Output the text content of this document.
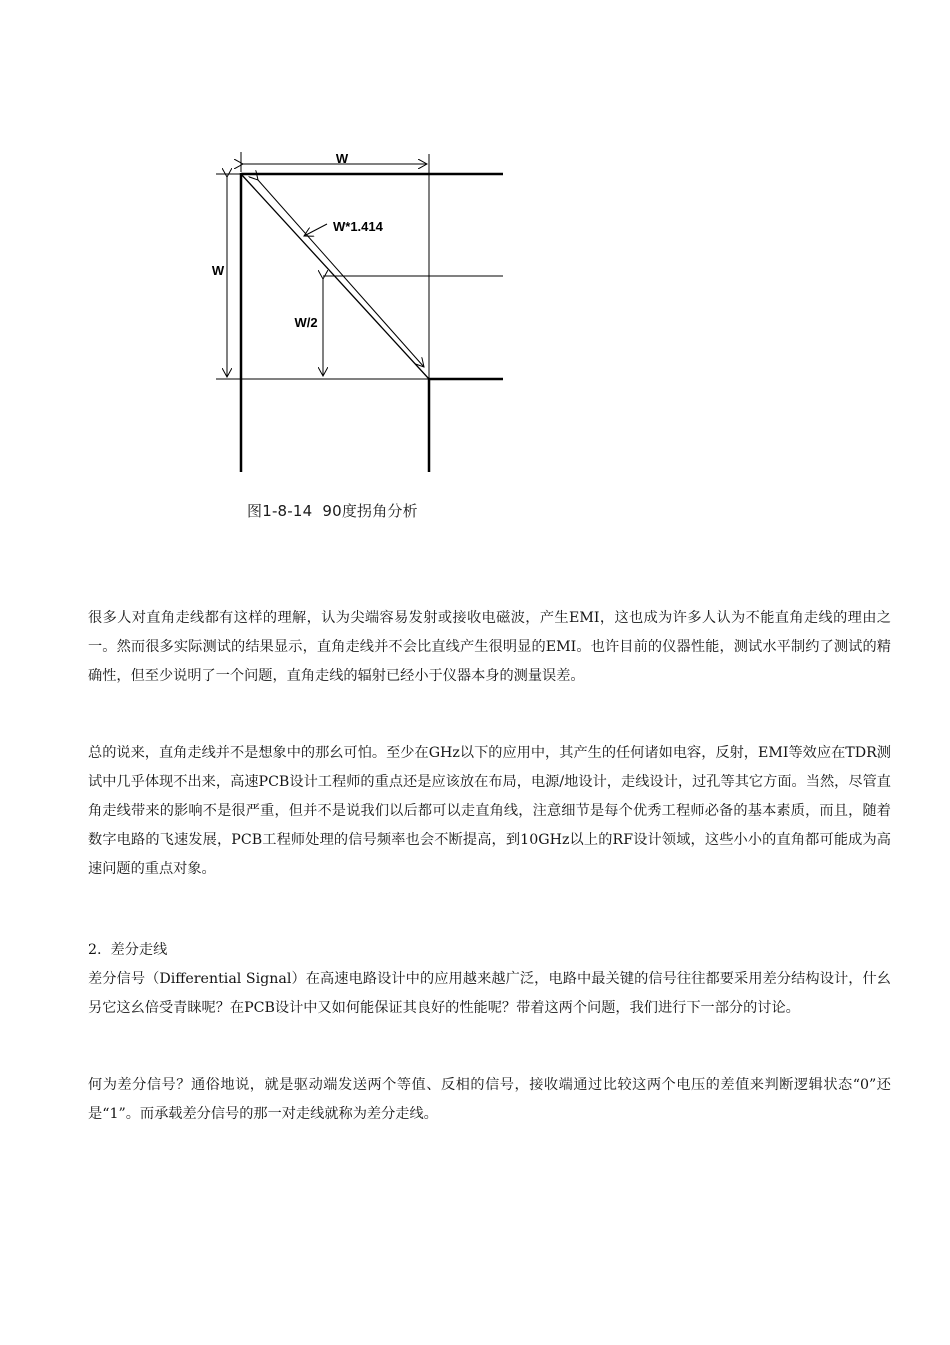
W
W
W*1.414
W/2
图1-8-14  90度拐角分析

很多人对直角走线都有这样的理解，认为尖端容易发射或接收电磁波，产生EMI，这也成为许多人认为不能直角走线的理由之一。然而很多实际测试的结果显示，直角走线并不会比直线产生很明显的EMI。也许目前的仪器性能，测试水平制约了测试的精确性，但至少说明了一个问题，直角走线的辐射已经小于仪器本身的测量误差。

总的说来，直角走线并不是想象中的那幺可怕。至少在GHz以下的应用中，其产生的任何诸如电容，反射，EMI等效应在TDR测试中几乎体现不出来，高速PCB设计工程师的重点还是应该放在布局，电源/地设计，走线设计，过孔等其它方面。当然，尽管直角走线带来的影响不是很严重，但并不是说我们以后都可以走直角线，注意细节是每个优秀工程师必备的基本素质，而且，随着数字电路的飞速发展，PCB工程师处理的信号频率也会不断提高，到10GHz以上的RF设计领域，这些小小的直角都可能成为高速问题的重点对象。

2.  差分走线

差分信号（Differential Signal）在高速电路设计中的应用越来越广泛，电路中最关键的信号往往都要采用差分结构设计，什幺另它这幺倍受青睐呢？在PCB设计中又如何能保证其良好的性能呢？带着这两个问题，我们进行下一部分的讨论。

何为差分信号？通俗地说，就是驱动端发送两个等值、反相的信号，接收端通过比较这两个电压的差值来判断逻辑状态“0”还是“1”。而承载差分信号的那一对走线就称为差分走线。
